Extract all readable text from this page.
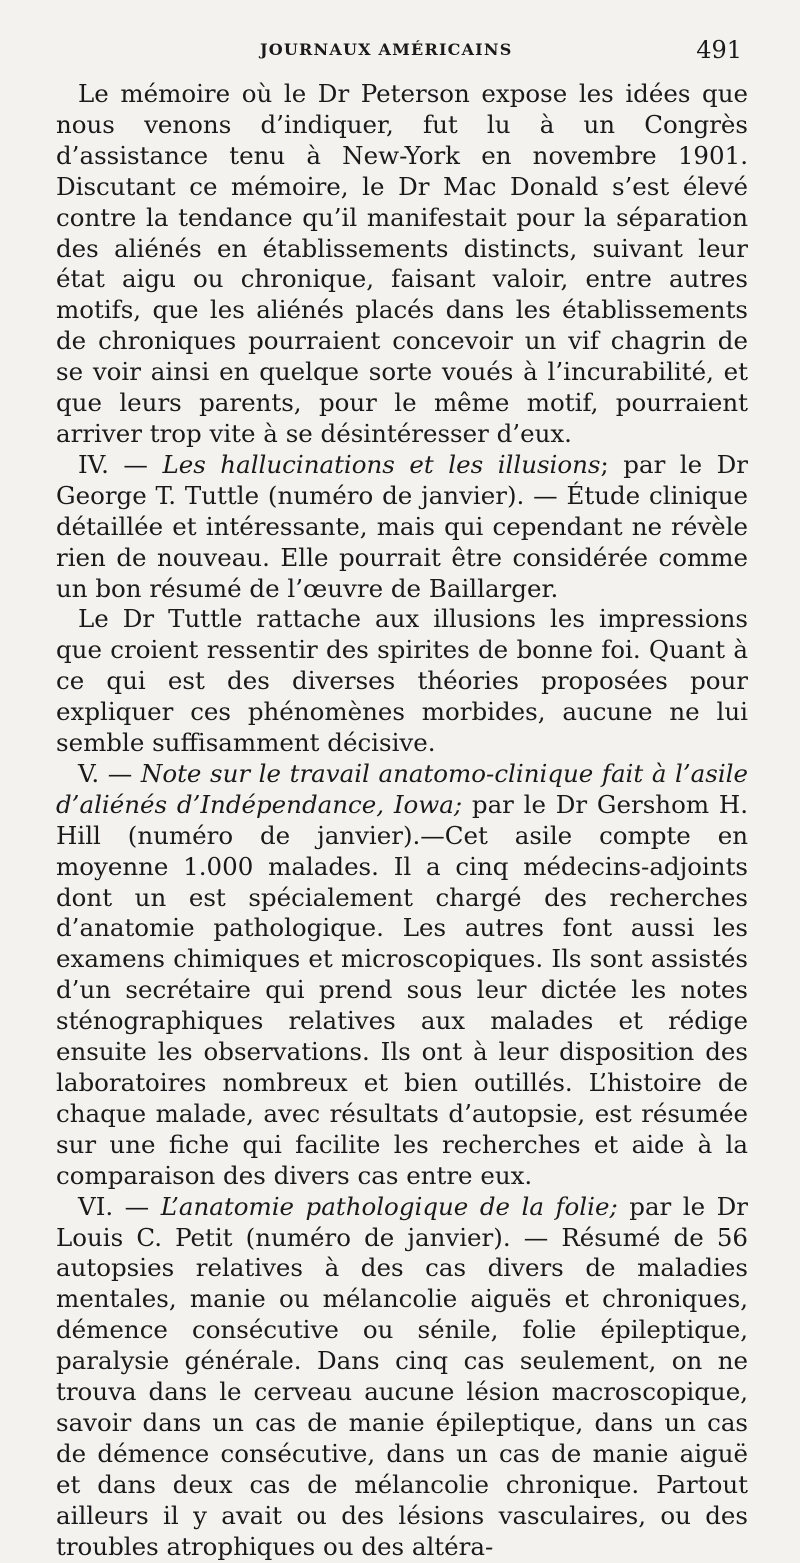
JOURNAUX AMÉRICAINS	491

Le mémoire où le Dr Peterson expose les idées que nous venons d’indiquer, fut lu à un Congrès d’assistance tenu à New-York en novembre 1901. Discutant ce mémoire, le Dr Mac Donald s’est élevé contre la tendance qu’il manifestait pour la séparation des aliénés en établissements distincts, suivant leur état aigu ou chronique, faisant valoir, entre autres motifs, que les aliénés placés dans les établissements de chroniques pourraient concevoir un vif chagrin de se voir ainsi en quelque sorte voués à l’incurabilité, et que leurs parents, pour le même motif, pourraient arriver trop vite à se désintéresser d’eux.

IV. — Les hallucinations et les illusions; par le Dr George T. Tuttle (numéro de janvier). — Étude clinique détaillée et intéressante, mais qui cependant ne révèle rien de nouveau. Elle pourrait être considérée comme un bon résumé de l’œuvre de Baillarger.

Le Dr Tuttle rattache aux illusions les impressions que croient ressentir des spirites de bonne foi. Quant à ce qui est des diverses théories proposées pour expliquer ces phénomènes morbides, aucune ne lui semble suffisamment décisive.

V. — Note sur le travail anatomo-clinique fait à l’asile d’aliénés d’Indépendance, Iowa; par le Dr Gershom H. Hill (numéro de janvier).—Cet asile compte en moyenne 1.000 malades. Il a cinq médecins-adjoints dont un est spécialement chargé des recherches d’anatomie pathologique. Les autres font aussi les examens chimiques et microscopiques. Ils sont assistés d’un secrétaire qui prend sous leur dictée les notes sténographiques relatives aux malades et rédige ensuite les observations. Ils ont à leur disposition des laboratoires nombreux et bien outillés. L’histoire de chaque malade, avec résultats d’autopsie, est résumée sur une fiche qui facilite les recherches et aide à la comparaison des divers cas entre eux.

VI. — L’anatomie pathologique de la folie; par le Dr Louis C. Petit (numéro de janvier). — Résumé de 56 autopsies relatives à des cas divers de maladies mentales, manie ou mélancolie aiguës et chroniques, démence consécutive ou sénile, folie épileptique, paralysie générale. Dans cinq cas seulement, on ne trouva dans le cerveau aucune lésion macroscopique, savoir dans un cas de manie épileptique, dans un cas de démence consécutive, dans un cas de manie aiguë et dans deux cas de mélancolie chronique. Partout ailleurs il y avait ou des lésions vasculaires, ou des troubles atrophiques ou des altéra-
